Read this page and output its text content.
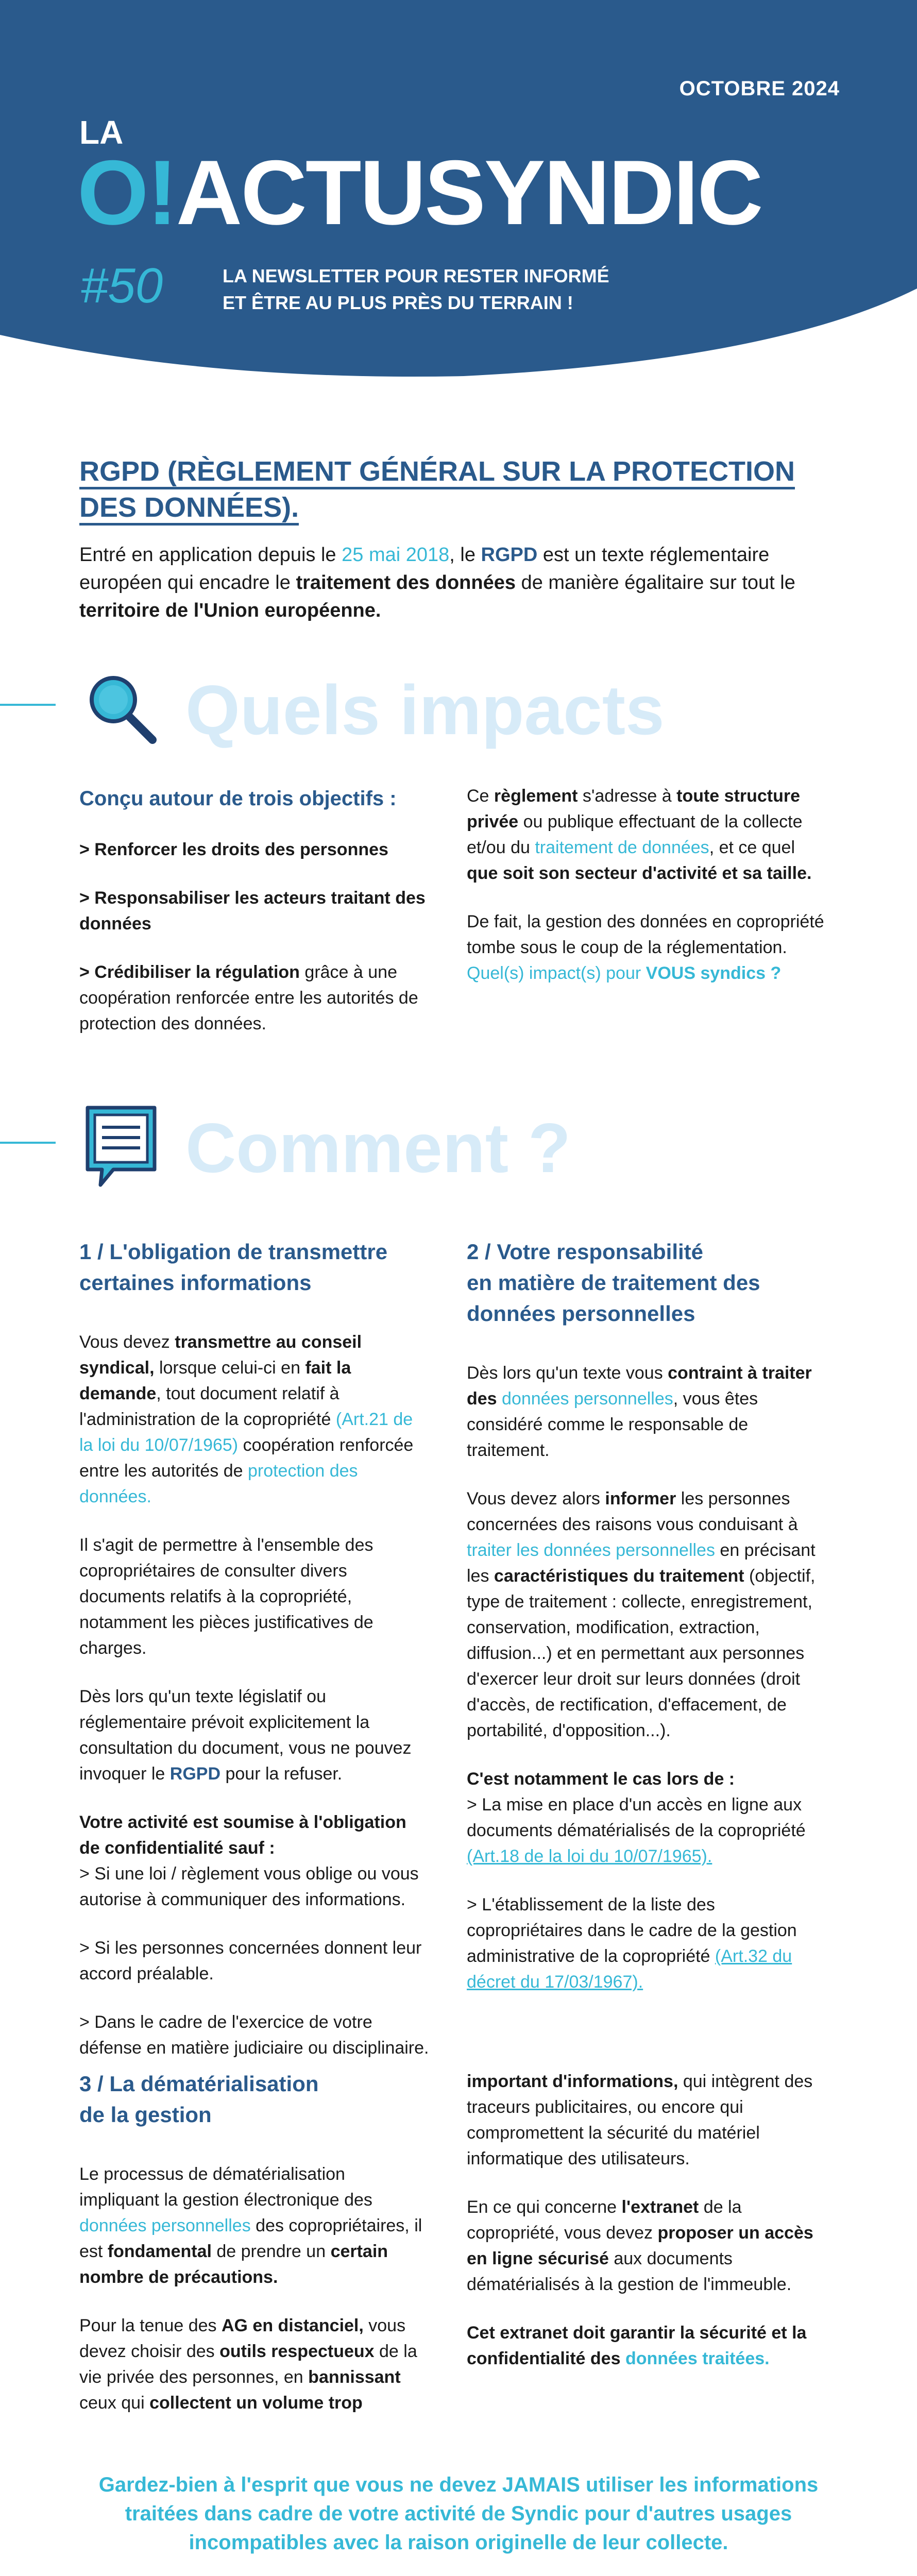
OCTOBRE 2024
LA
O!ACTUSYNDIC
#50	LA NEWSLETTER POUR RESTER INFORMÉ
ET ÊTRE AU PLUS PRÈS DU TERRAIN !
RGPD (RÈGLEMENT GÉNÉRAL SUR LA PROTECTION
DES DONNÉES).
Entré en application depuis le 25 mai 2018, le RGPD est un texte réglementaire européen qui encadre le traitement des données de manière égalitaire sur tout le territoire de l'Union européenne.
Quels impacts

Conçu autour de trois objectifs :

> Renforcer les droits des personnes

> Responsabiliser les acteurs traitant des données

> Crédibiliser la régulation grâce à une coopération renforcée entre les autorités de protection des données.

Ce règlement s'adresse à toute structure privée ou publique effectuant de la collecte et/ou du traitement de données, et ce quel que soit son secteur d'activité et sa taille.

De fait, la gestion des données en copropriété tombe sous le coup de la réglementation. Quel(s) impact(s) pour VOUS syndics ?

Comment ?
1 / L'obligation de transmettre
certaines informations

Vous devez transmettre au conseil syndical, lorsque celui-ci en fait la demande, tout document relatif à l'administration de la copropriété (Art.21 de la loi du 10/07/1965) coopération renforcée entre les autorités de protection des données.

Il s'agit de permettre à l'ensemble des copropriétaires de consulter divers documents relatifs à la copropriété, notamment les pièces justificatives de charges.

Dès lors qu'un texte législatif ou réglementaire prévoit explicitement la consultation du document, vous ne pouvez invoquer le RGPD pour la refuser.

Votre activité est soumise à l'obligation de confidentialité sauf :
> Si une loi / règlement vous oblige ou vous autorise à communiquer des informations.

> Si les personnes concernées donnent leur accord préalable.

> Dans le cadre de l'exercice de votre défense en matière judiciaire ou disciplinaire.

2 / Votre responsabilité
en matière de traitement des
données personnelles

Dès lors qu'un texte vous contraint à traiter des données personnelles, vous êtes considéré comme le responsable de traitement.

Vous devez alors informer les personnes concernées des raisons vous conduisant à traiter les données personnelles en précisant les caractéristiques du traitement (objectif, type de traitement : collecte, enregistrement, conservation, modification, extraction, diffusion...) et en permettant aux personnes d'exercer leur droit sur leurs données (droit d'accès, de rectification, d'effacement, de portabilité, d'opposition...).

C'est notamment le cas lors de :
> La mise en place d'un accès en ligne aux documents dématérialisés de la copropriété (Art.18 de la loi du 10/07/1965).

> L'établissement de la liste des copropriétaires dans le cadre de la gestion administrative de la copropriété (Art.32 du décret du 17/03/1967).

3 / La dématérialisation
de la gestion

Le processus de dématérialisation impliquant la gestion électronique des données personnelles des copropriétaires, il est fondamental de prendre un certain nombre de précautions.

Pour la tenue des AG en distanciel, vous devez choisir des outils respectueux de la vie privée des personnes, en bannissant ceux qui collectent un volume trop

important d'informations, qui intègrent des traceurs publicitaires, ou encore qui compromettent la sécurité du matériel informatique des utilisateurs.

En ce qui concerne l'extranet de la copropriété, vous devez proposer un accès en ligne sécurisé aux documents dématérialisés à la gestion de l'immeuble.

Cet extranet doit garantir la sécurité et la confidentialité des données traitées.

Gardez-bien à l'esprit que vous ne devez JAMAIS utiliser les informations
traitées dans cadre de votre activité de Syndic pour d'autres usages
incompatibles avec la raison originelle de leur collecte.
